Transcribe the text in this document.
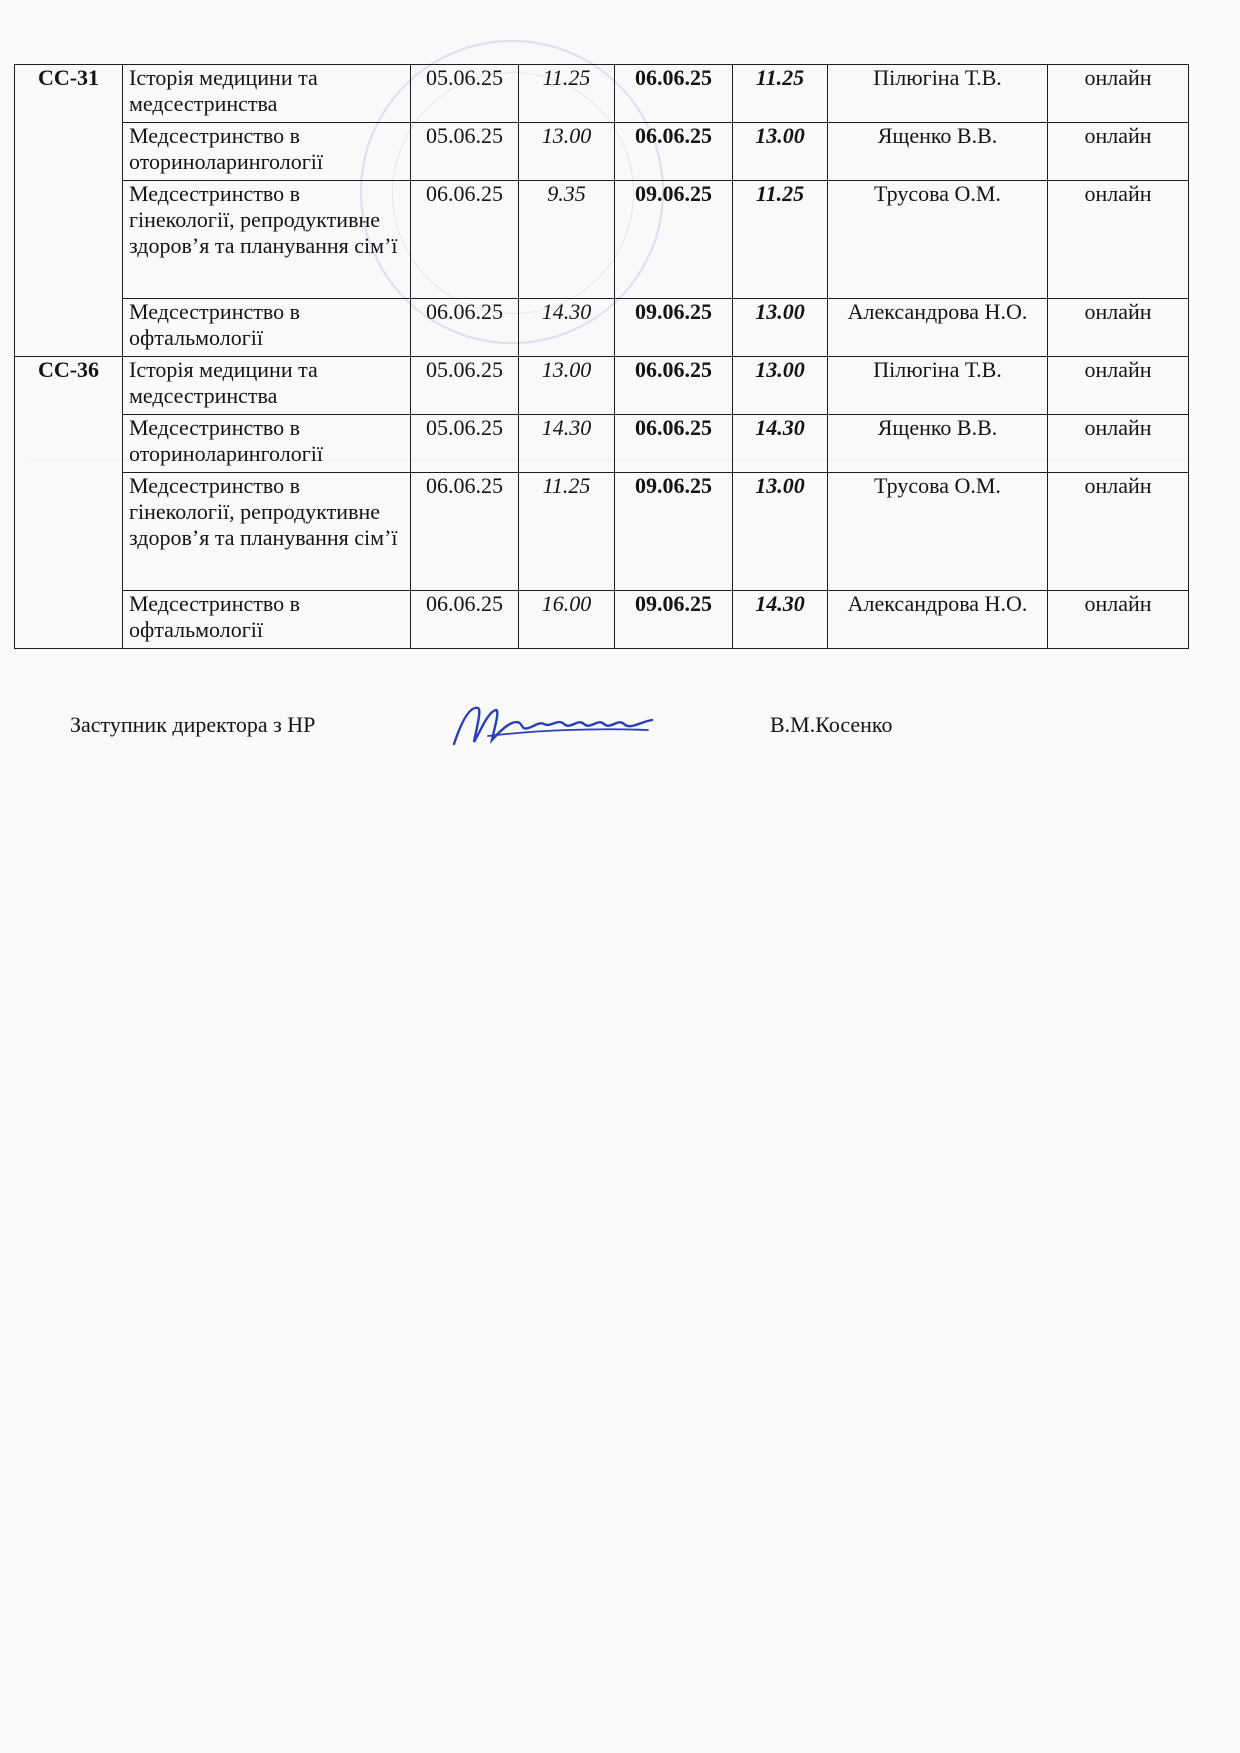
СС-31	Історія медицини та медсестринства	05.06.25	11.25	06.06.25	11.25	Пілюгіна Т.В.	онлайн
	Медсестринство в оториноларингології	05.06.25	13.00	06.06.25	13.00	Ященко В.В.	онлайн
	Медсестринство в гінекології, репродуктивне здоров’я та планування сім’ї	06.06.25	9.35	09.06.25	11.25	Трусова О.М.	онлайн
	Медсестринство в офтальмології	06.06.25	14.30	09.06.25	13.00	Александрова Н.О.	онлайн
СС-36	Історія медицини та медсестринства	05.06.25	13.00	06.06.25	13.00	Пілюгіна Т.В.	онлайн
	Медсестринство в оториноларингології	05.06.25	14.30	06.06.25	14.30	Ященко В.В.	онлайн
	Медсестринство в гінекології, репродуктивне здоров’я та планування сім’ї	06.06.25	11.25	09.06.25	13.00	Трусова О.М.	онлайн
	Медсестринство в офтальмології	06.06.25	16.00	09.06.25	14.30	Александрова Н.О.	онлайн
Заступник директора з НР	В.М.Косенко
